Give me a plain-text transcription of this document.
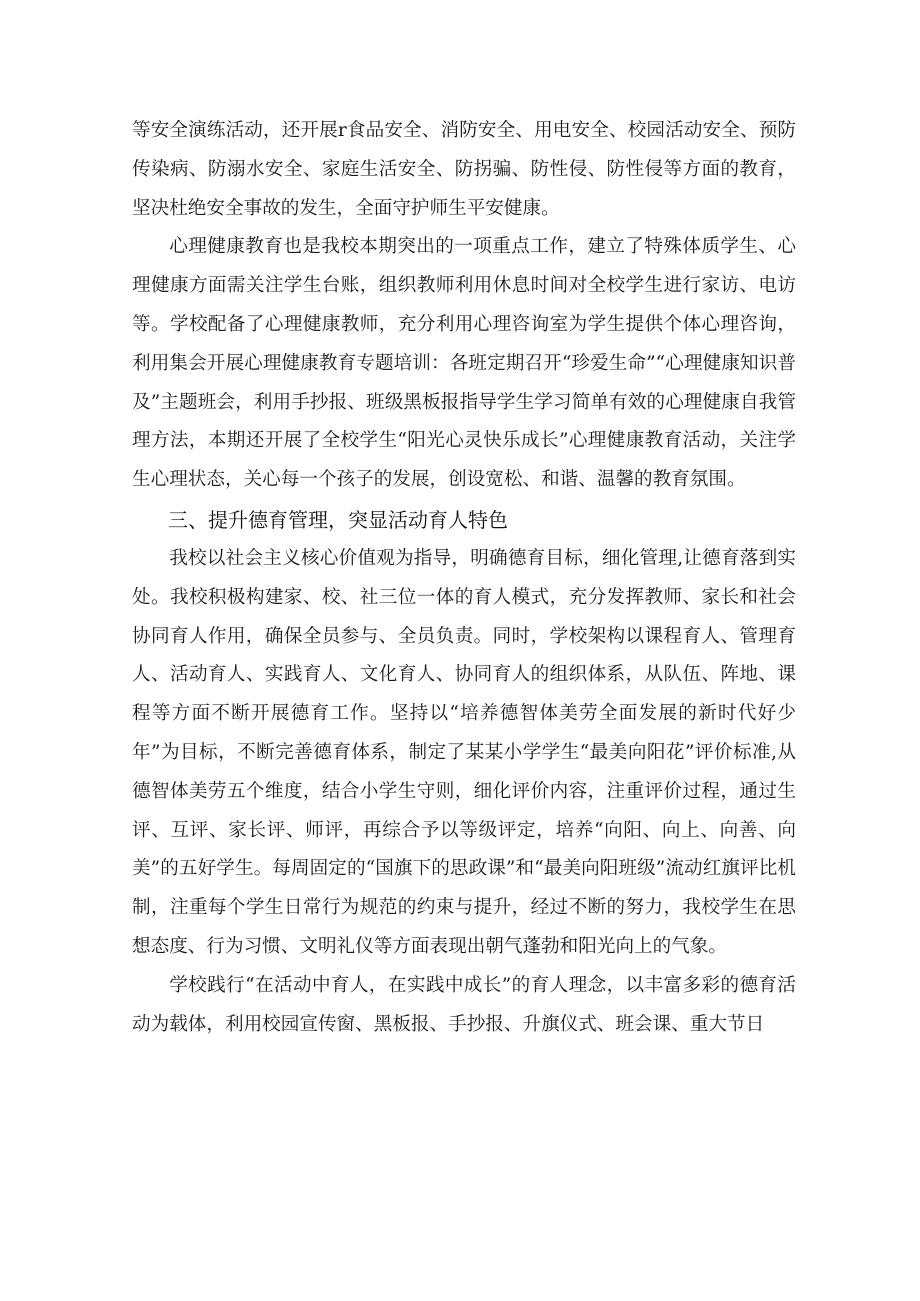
等安全演练活动，还开展r食品安全、消防安全、用电安全、校园活动安全、预防传染病、防溺水安全、家庭生活安全、防拐骗、防性侵、防性侵等方面的教育，坚决杜绝安全事故的发生，全面守护师生平安健康。

心理健康教育也是我校本期突出的一项重点工作，建立了特殊体质学生、心理健康方面需关注学生台账，组织教师利用休息时间对全校学生进行家访、电访等。学校配备了心理健康教师，充分利用心理咨询室为学生提供个体心理咨询，利用集会开展心理健康教育专题培训：各班定期召开“珍爱生命”“心理健康知识普及”主题班会，利用手抄报、班级黑板报指导学生学习简单有效的心理健康自我管理方法，本期还开展了全校学生“阳光心灵快乐成长”心理健康教育活动，关注学生心理状态，关心每一个孩子的发展，创设宽松、和谐、温馨的教育氛围。

三、提升德育管理，突显活动育人特色

我校以社会主义核心价值观为指导，明确德育目标，细化管理,让德育落到实处。我校积极构建家、校、社三位一体的育人模式，充分发挥教师、家长和社会协同育人作用，确保全员参与、全员负责。同时，学校架构以课程育人、管理育人、活动育人、实践育人、文化育人、协同育人的组织体系，从队伍、阵地、课程等方面不断开展德育工作。坚持以“培养德智体美劳全面发展的新时代好少年”为目标，不断完善德育体系，制定了某某小学学生“最美向阳花”评价标准,从德智体美劳五个维度，结合小学生守则，细化评价内容，注重评价过程，通过生评、互评、家长评、师评，再综合予以等级评定，培养“向阳、向上、向善、向美”的五好学生。每周固定的“国旗下的思政课”和“最美向阳班级”流动红旗评比机制，注重每个学生日常行为规范的约束与提升，经过不断的努力，我校学生在思想态度、行为习惯、文明礼仪等方面表现出朝气蓬勃和阳光向上的气象。

学校践行“在活动中育人，在实践中成长”的育人理念，以丰富多彩的德育活动为载体，利用校园宣传窗、黑板报、手抄报、升旗仪式、班会课、重大节日
